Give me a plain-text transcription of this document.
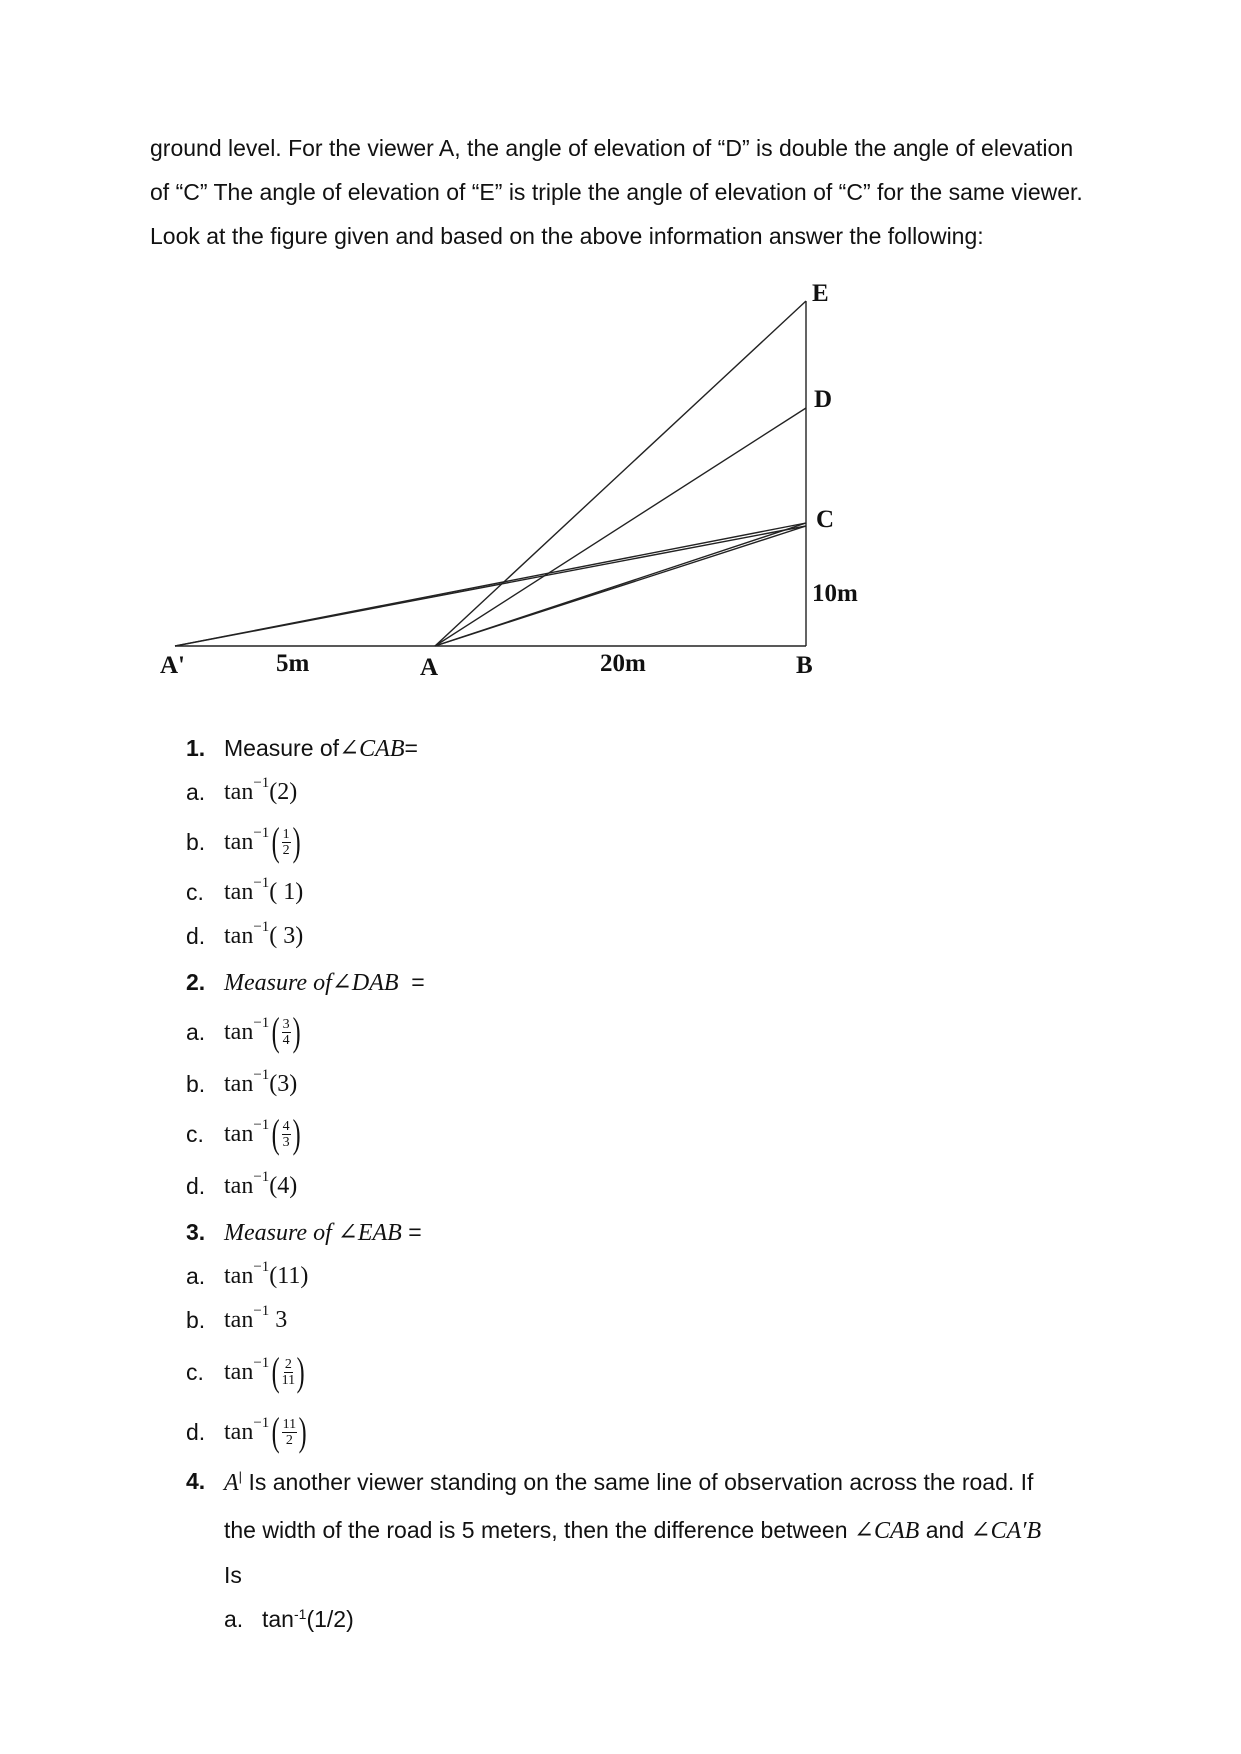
ground level. For the viewer A, the angle of elevation of “D” is double the angle of elevation

of “C” The angle of elevation of “E” is triple the angle of elevation of “C” for the same viewer.

Look at the figure given and based on the above information answer the following:

E
D
C
10m
A'	5m	A	20m	B
1. Measure of ∠CAB =
a. tan −1 (2)
b. tan −1 ( $\frac{1}{2}$ )
c. tan −1 ( 1)
d. tan −1 ( 3)
2. Measure of∠DAB =
a. tan −1 ( $\frac{3}{4}$ )
b. tan −1 (3)
c. tan −1 ( $\frac{4}{3}$ )
d. tan −1 (4)
3. Measure of ∠EAB =
a. tan −1 (11)
b. tan −1 3
c. tan −1 ( $\frac{2}{11}$ )
d. tan −1 ( $\frac{11}{2}$ )
4. A| Is another viewer standing on the same line of observation across the road. If

the width of the road is 5 meters, then the difference between ∠CAB and ∠CA′B

Is

a. $\tan^{-1}(1/2)$
